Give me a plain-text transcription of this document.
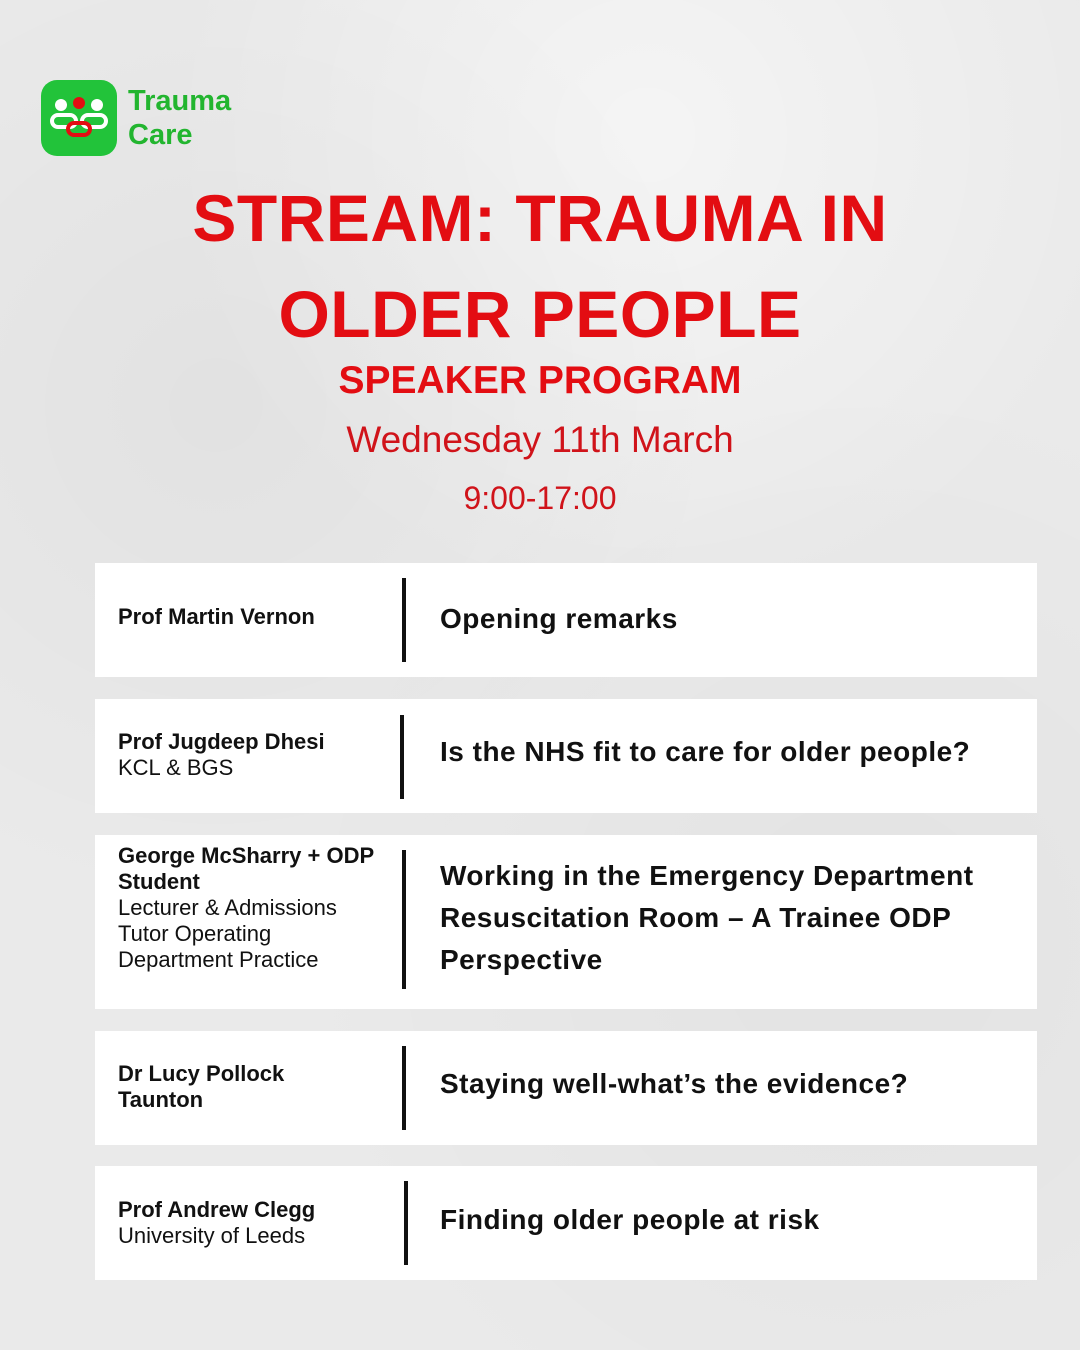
Trauma
Care
STREAM: TRAUMA IN OLDER PEOPLE
SPEAKER PROGRAM
Wednesday 11th March
9:00-17:00
Prof Martin Vernon	Opening remarks
Prof Jugdeep Dhesi
KCL & BGS
Is the NHS fit to care for older people?
George McSharry + ODP Student
Lecturer & Admissions Tutor Operating Department Practice
Working in the Emergency Department Resuscitation Room – A Trainee ODP Perspective
Dr Lucy Pollock Taunton
Staying well-what’s the evidence?
Prof Andrew Clegg
University of Leeds
Finding older people at risk
